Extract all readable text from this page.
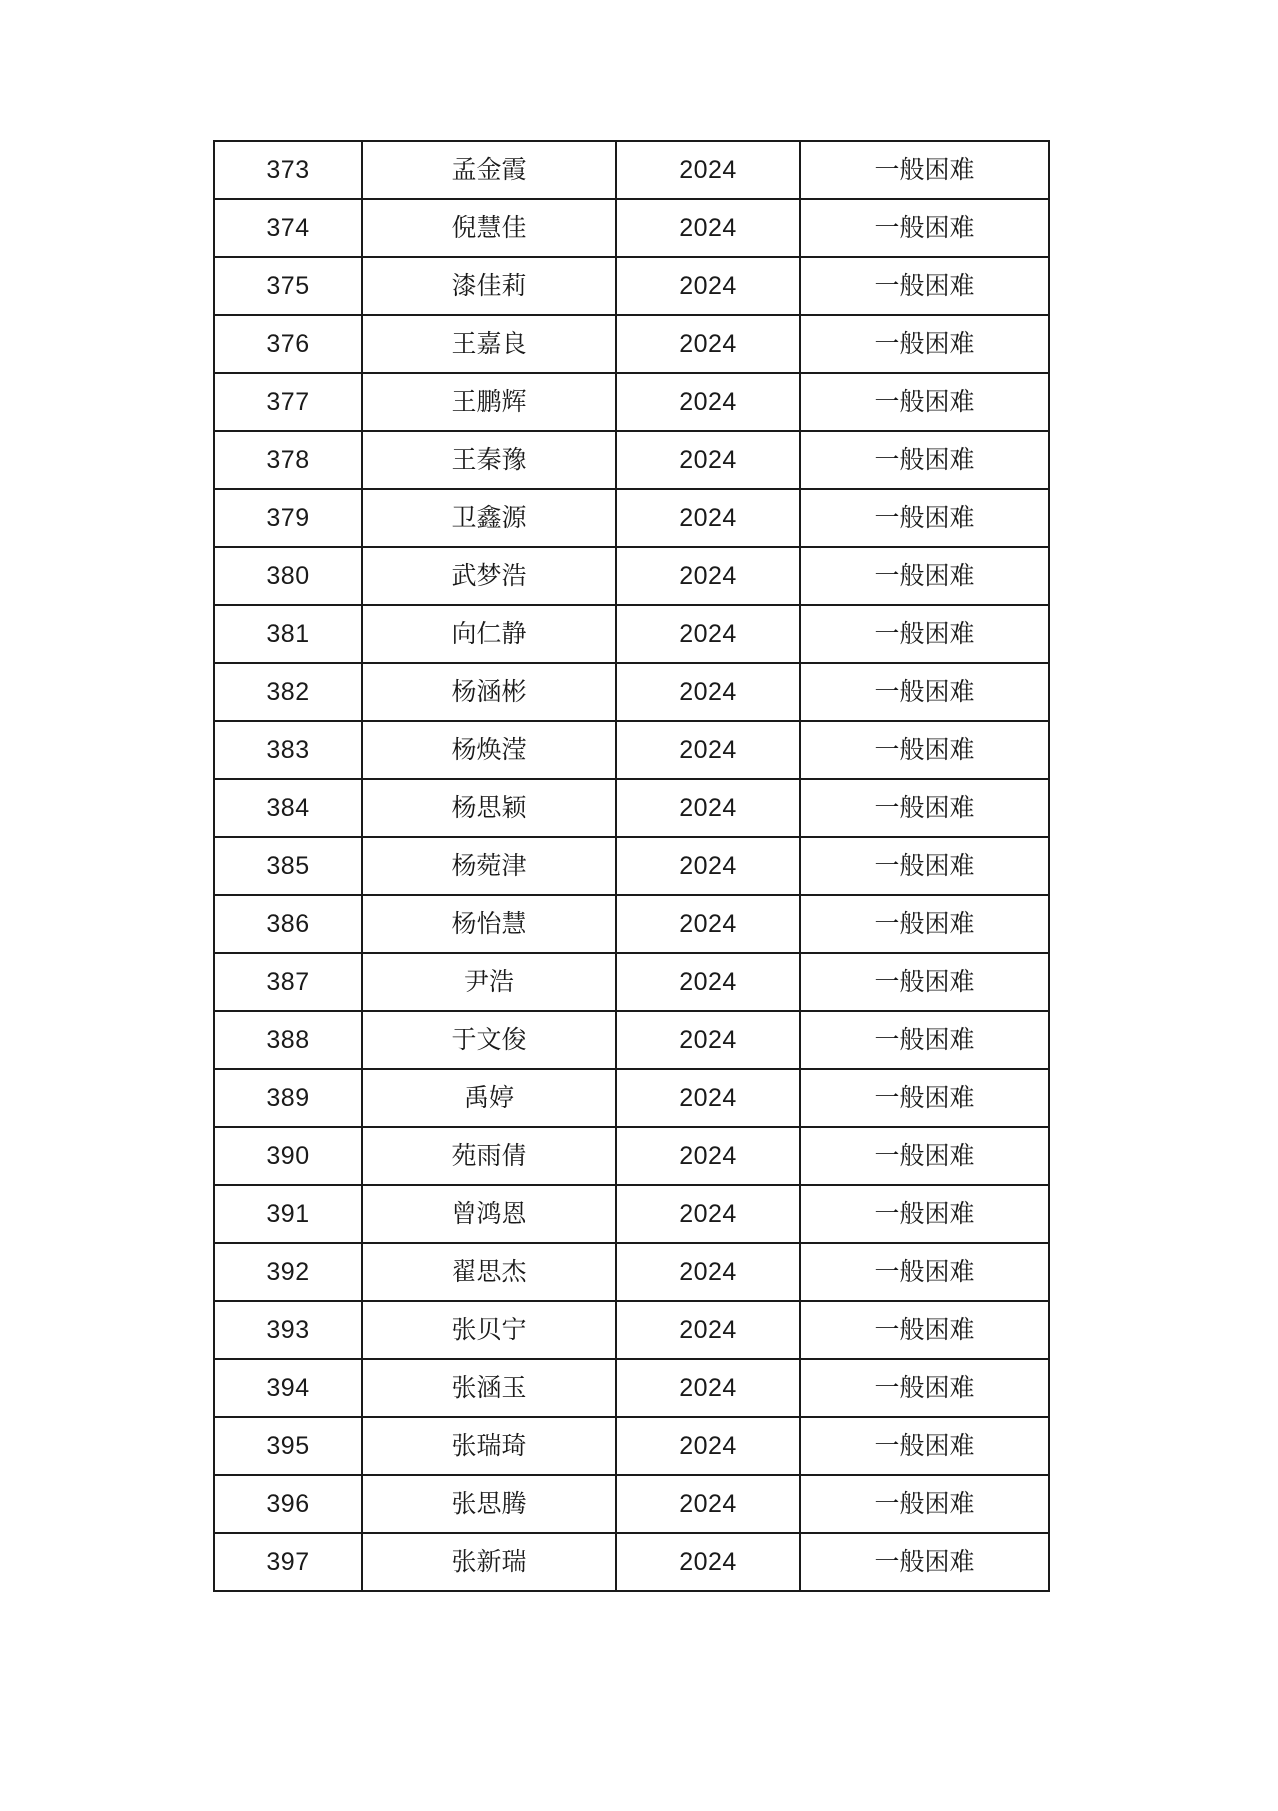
373	孟金霞	2024	一般困难
374	倪慧佳	2024	一般困难
375	漆佳莉	2024	一般困难
376	王嘉良	2024	一般困难
377	王鹏辉	2024	一般困难
378	王秦豫	2024	一般困难
379	卫鑫源	2024	一般困难
380	武梦浩	2024	一般困难
381	向仁静	2024	一般困难
382	杨涵彬	2024	一般困难
383	杨焕滢	2024	一般困难
384	杨思颖	2024	一般困难
385	杨菀津	2024	一般困难
386	杨怡慧	2024	一般困难
387	尹浩	2024	一般困难
388	于文俊	2024	一般困难
389	禹婷	2024	一般困难
390	苑雨倩	2024	一般困难
391	曾鸿恩	2024	一般困难
392	翟思杰	2024	一般困难
393	张贝宁	2024	一般困难
394	张涵玉	2024	一般困难
395	张瑞琦	2024	一般困难
396	张思腾	2024	一般困难
397	张新瑞	2024	一般困难
